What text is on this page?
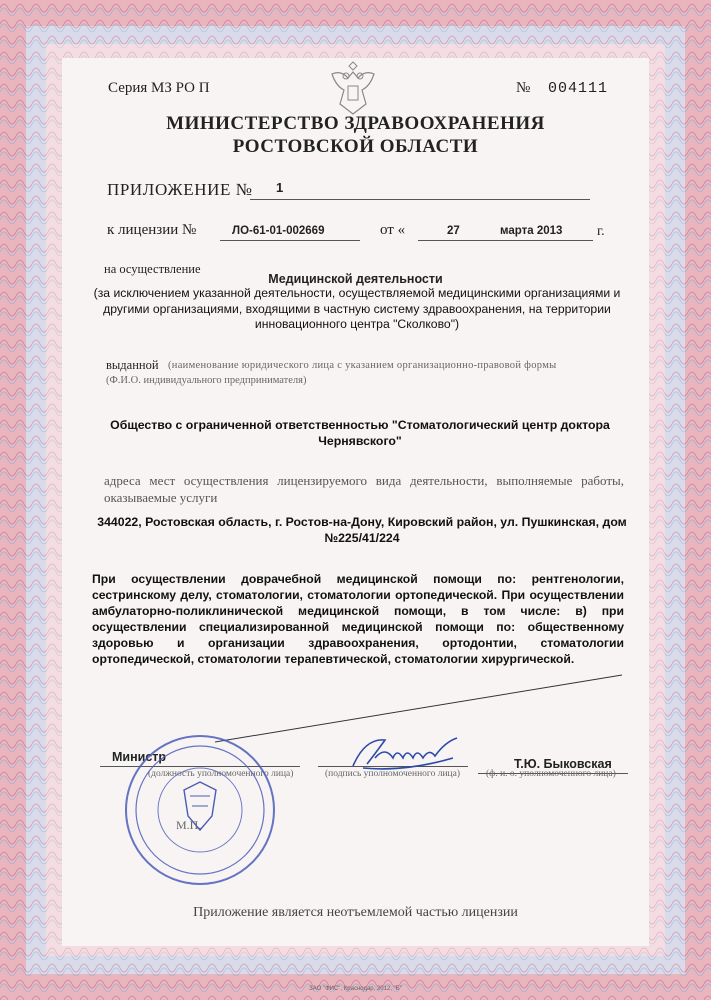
Серия МЗ РО П	№ 004111
МИНИСТЕРСТВО ЗДРАВООХРАНЕНИЯ
РОСТОВСКОЙ ОБЛАСТИ
ПРИЛОЖЕНИЕ № 1
к лицензии №	ЛО-61-01-002669	от «	27	марта 2013 г.
на осуществление
Медицинской деятельности
(за исключением указанной деятельности, осуществляемой медицинскими организациями и другими организациями, входящими в частную систему здравоохранения, на территории инновационного центра "Сколково")
выданной (наименование юридического лица с указанием организационно-правовой формы
(Ф.И.О. индивидуального предпринимателя)
Общество с ограниченной ответственностью "Стоматологический центр доктора Чернявского"
адреса мест осуществления лицензируемого вида деятельности, выполняемые работы, оказываемые услуги
344022, Ростовская область, г. Ростов-на-Дону, Кировский район, ул. Пушкинская, дом №225/41/224
При осуществлении доврачебной медицинской помощи по: рентгенологии, сестринскому делу, стоматологии, стоматологии ортопедической. При осуществлении амбулаторно-поликлинической медицинской помощи, в том числе: в) при осуществлении специализированной медицинской помощи по: общественному здоровью и организации здравоохранения, ортодонтии, стоматологии ортопедической, стоматологии терапевтической, стоматологии хирургической.
Министр
(должность уполномоченного лица)	(подпись уполномоченного лица)
Т.Ю. Быковская
(ф. и. о. уполномоченного лица)
М.П.
Приложение является неотъемлемой частью лицензии
ЗАО "ФИС", Краснодар, 2012, "Б"
